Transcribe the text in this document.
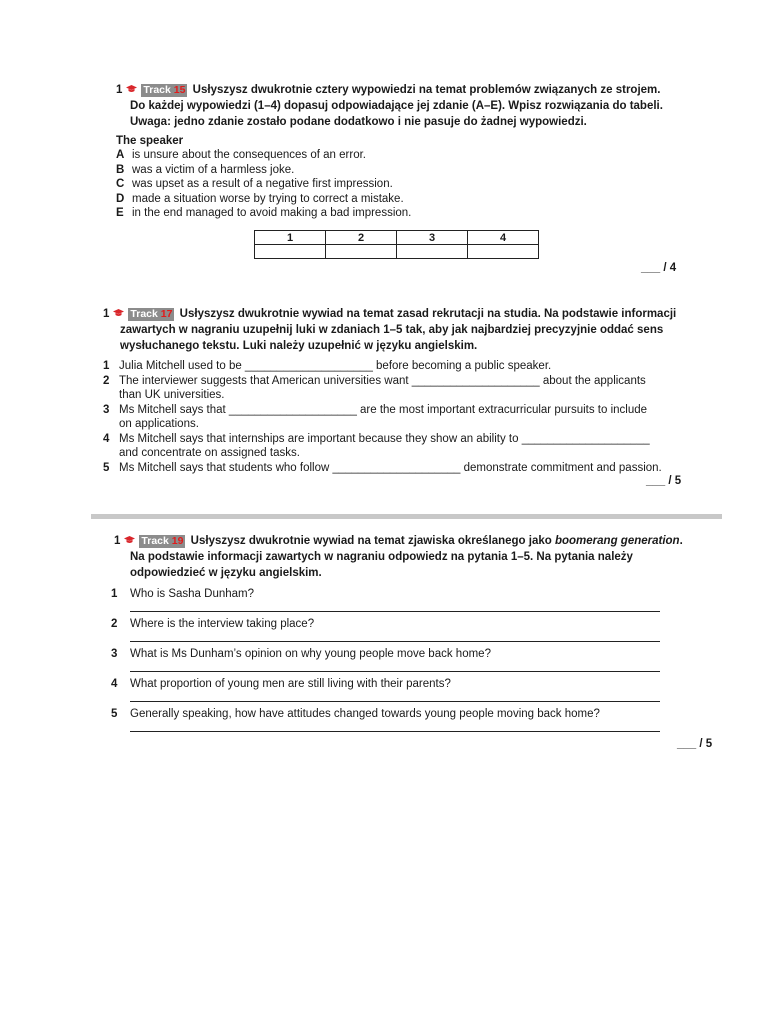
1 Track 15 Usłyszysz dwukrotnie cztery wypowiedzi na temat problemów związanych ze strojem.
Do każdej wypowiedzi (1–4) dopasuj odpowiadające jej zdanie (A–E). Wpisz rozwiązania do tabeli.
Uwaga: jedno zdanie zostało podane dodatkowo i nie pasuje do żadnej wypowiedzi.
The speaker
A is unsure about the consequences of an error.
B was a victim of a harmless joke.
C was upset as a result of a negative first impression.
D made a situation worse by trying to correct a mistake.
E in the end managed to avoid making a bad impression.
1	2	3	4

___ / 4
1 Track 17 Usłyszysz dwukrotnie wywiad na temat zasad rekrutacji na studia. Na podstawie informacji
zawartych w nagraniu uzupełnij luki w zdaniach 1–5 tak, aby jak najbardziej precyzyjnie oddać sens
wysłuchanego tekstu. Luki należy uzupełnić w języku angielskim.
1 Julia Mitchell used to be ____________________ before becoming a public speaker.
2 The interviewer suggests that American universities want ____________________ about the applicants
than UK universities.
3 Ms Mitchell says that ____________________ are the most important extracurricular pursuits to include
on applications.
4 Ms Mitchell says that internships are important because they show an ability to ____________________
and concentrate on assigned tasks.
5 Ms Mitchell says that students who follow ____________________ demonstrate commitment and passion.
___ / 5
1 Track 19 Usłyszysz dwukrotnie wywiad na temat zjawiska określanego jako boomerang generation.
Na podstawie informacji zawartych w nagraniu odpowiedz na pytania 1–5. Na pytania należy
odpowiedzieć w języku angielskim.
1 Who is Sasha Dunham?
2 Where is the interview taking place?
3 What is Ms Dunham’s opinion on why young people move back home?
4 What proportion of young men are still living with their parents?
5 Generally speaking, how have attitudes changed towards young people moving back home?
___ / 5
